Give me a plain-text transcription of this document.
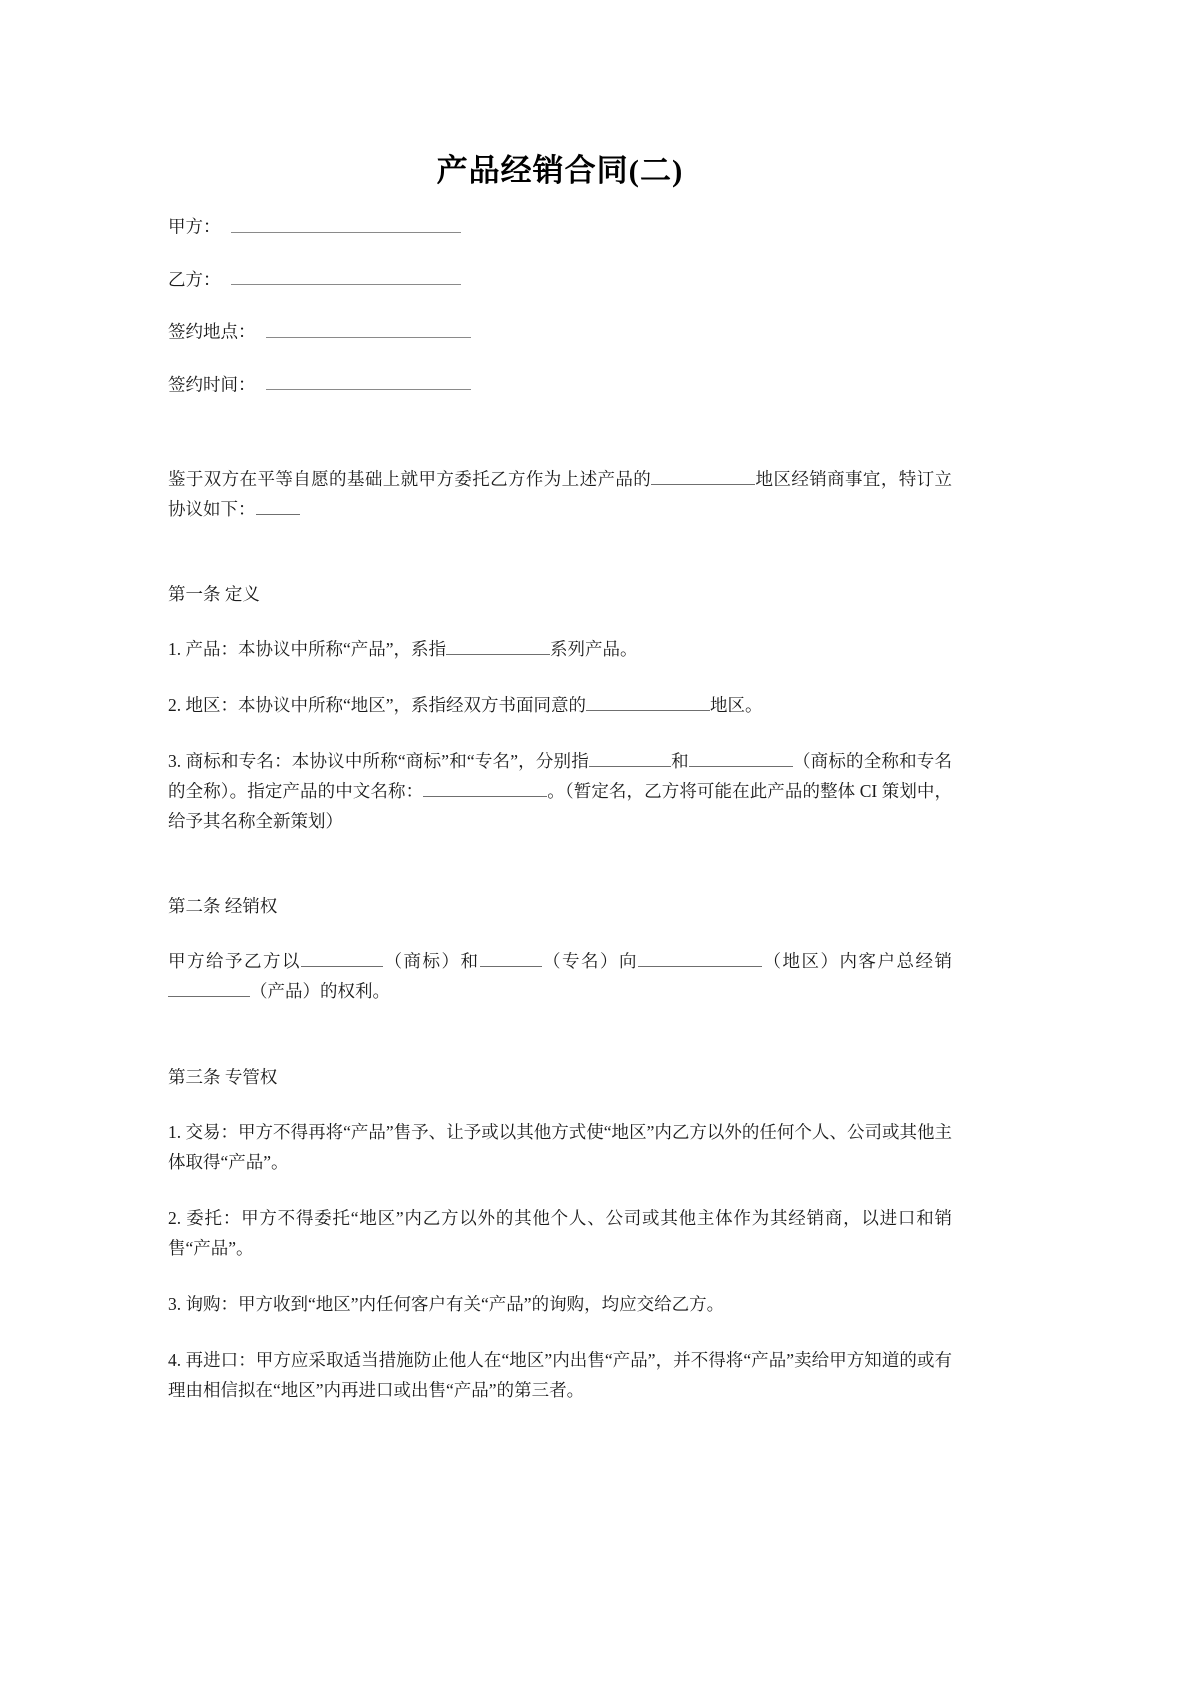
产品经销合同(二)
甲方：
乙方：
签约地点：
签约时间：

鉴于双方在平等自愿的基础上就甲方委托乙方作为上述产品的	地区经销商事宜，特订立协议如下：

第一条 定义

1. 产品：本协议中所称“产品”，系指	系列产品。

2. 地区：本协议中所称“地区”，系指经双方书面同意的	地区。

3. 商标和专名：本协议中所称“商标”和“专名”，分别指	和	（商标的全称和专名的全称）。指定产品的中文名称：	。（暂定名，乙方将可能在此产品的整体 CI 策划中，给予其名称全新策划）

第二条 经销权

甲方给予乙方以	（商标）和	（专名）向	（地区）内客户总经销（产品）的权利。

第三条 专管权

1. 交易：甲方不得再将“产品”售予、让予或以其他方式使“地区”内乙方以外的任何个人、公司或其他主体取得“产品”。

2. 委托：甲方不得委托“地区”内乙方以外的其他个人、公司或其他主体作为其经销商，以进口和销售“产品”。

3. 询购：甲方收到“地区”内任何客户有关“产品”的询购，均应交给乙方。

4. 再进口：甲方应采取适当措施防止他人在“地区”内出售“产品”，并不得将“产品”卖给甲方知道的或有理由相信拟在“地区”内再进口或出售“产品”的第三者。
